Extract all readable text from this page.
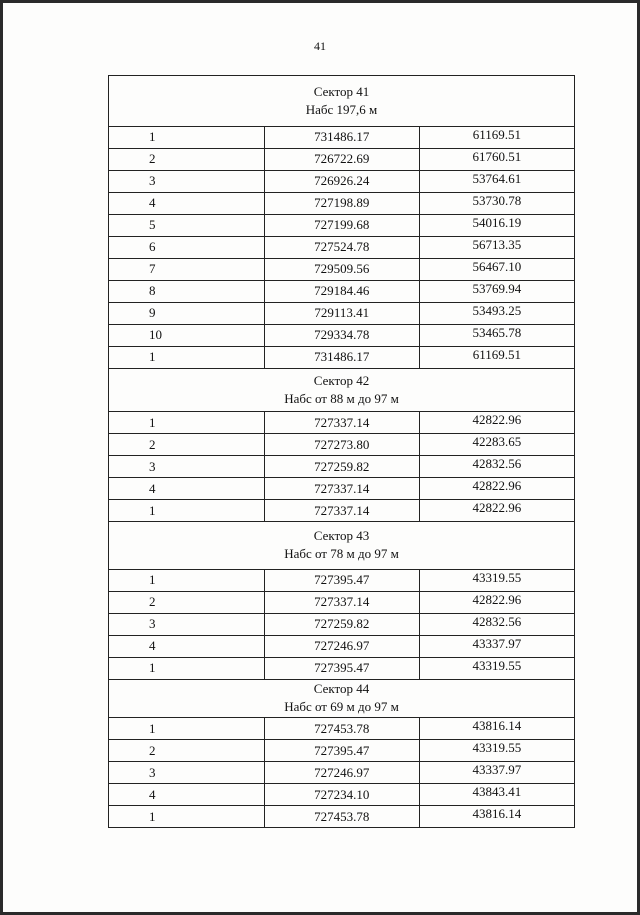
41
Сектор 41
Набс 197,6 м		

1	731486.17	61169.51
2	726722.69	61760.51
3	726926.24	53764.61
4	727198.89	53730.78
5	727199.68	54016.19
6	727524.78	56713.35
7	729509.56	56467.10
8	729184.46	53769.94
9	729113.41	53493.25
10	729334.78	53465.78
1	731486.17	61169.51
Сектор 42
Набс от 88 м до 97 м		

1	727337.14	42822.96
2	727273.80	42283.65
3	727259.82	42832.56
4	727337.14	42822.96
1	727337.14	42822.96
Сектор 43
Набс от 78 м до 97 м		

1	727395.47	43319.55
2	727337.14	42822.96
3	727259.82	42832.56
4	727246.97	43337.97
1	727395.47	43319.55
Сектор 44
Набс от 69 м до 97 м		

1	727453.78	43816.14
2	727395.47	43319.55
3	727246.97	43337.97
4	727234.10	43843.41
1	727453.78	43816.14
